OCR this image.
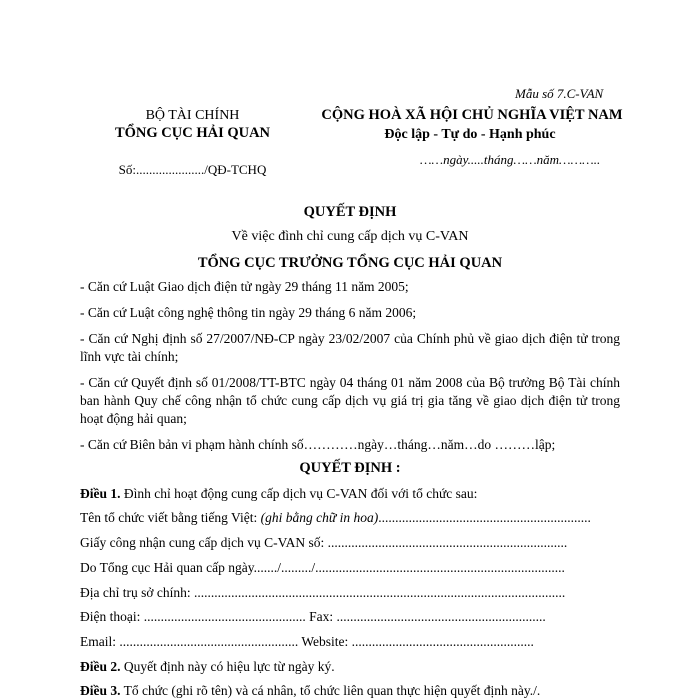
Mẫu số 7.C-VAN
BỘ TÀI CHÍNH
TỔNG CỤC HẢI QUAN
Số:...................../QĐ-TCHQ
CỘNG HOÀ XÃ HỘI CHỦ NGHĨA VIỆT NAM
Độc lập - Tự do - Hạnh phúc
……ngày.....tháng……năm………..
QUYẾT ĐỊNH
Về việc đình chỉ cung cấp dịch vụ C-VAN
TỔNG CỤC TRƯỞNG TỔNG CỤC HẢI QUAN
- Căn cứ Luật Giao dịch điện tử ngày 29 tháng 11 năm 2005;
- Căn cứ Luật công nghệ thông tin ngày 29 tháng 6 năm 2006;
- Căn cứ Nghị định số 27/2007/NĐ-CP ngày 23/02/2007 của Chính phủ về giao dịch điện tử trong lĩnh vực tài chính;
- Căn cứ Quyết định số 01/2008/TT-BTC ngày 04 tháng 01 năm 2008 của Bộ trưởng Bộ Tài chính ban hành Quy chế công nhận tổ chức cung cấp dịch vụ giá trị gia tăng về giao dịch điện tử trong hoạt động hải quan;
- Căn cứ Biên bản vi phạm hành chính số…………ngày…tháng…năm…do ………lập;
QUYẾT ĐỊNH :
Điều 1. Đình chỉ hoạt động cung cấp dịch vụ C-VAN đối với tổ chức sau:
Tên tổ chức viết bằng tiếng Việt: (ghi bằng chữ in hoa)...............................................................
Giấy công nhận cung cấp dịch vụ C-VAN số: .......................................................................
Do Tổng cục Hải quan cấp ngày......./........./..........................................................................
Địa chỉ trụ sở chính: ..............................................................................................................
Điện thoại: ................................................ Fax: ..............................................................
Email: ..................................................... Website: ......................................................
Điều 2. Quyết định này có hiệu lực từ ngày ký.
Điều 3. Tổ chức (ghi rõ tên) và cá nhân, tổ chức liên quan thực hiện quyết định này./.
